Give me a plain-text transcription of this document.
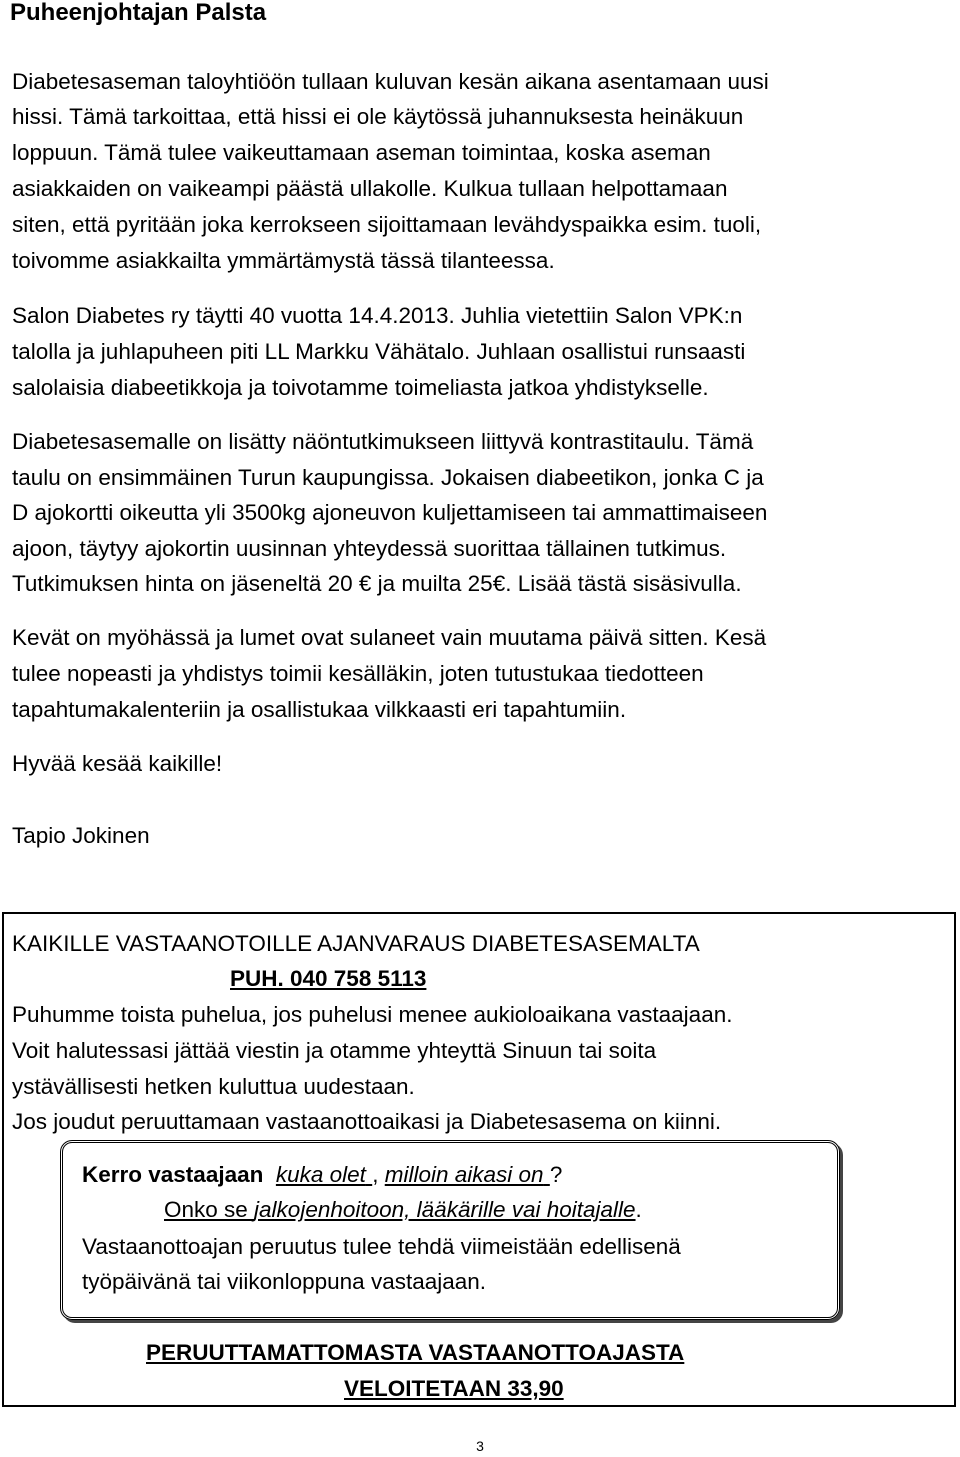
Puheenjohtajan Palsta
Diabetesaseman taloyhtiöön tullaan kuluvan kesän aikana asentamaan uusi
hissi. Tämä tarkoittaa, että hissi ei ole käytössä juhannuksesta heinäkuun
loppuun. Tämä tulee vaikeuttamaan aseman toimintaa, koska aseman
asiakkaiden on vaikeampi päästä ullakolle. Kulkua tullaan helpottamaan
siten, että pyritään joka kerrokseen sijoittamaan levähdyspaikka esim. tuoli,
toivomme asiakkailta ymmärtämystä tässä tilanteessa.
Salon Diabetes ry täytti 40 vuotta 14.4.2013. Juhlia vietettiin Salon VPK:n
talolla ja juhlapuheen piti LL Markku Vähätalo. Juhlaan osallistui runsaasti
salolaisia diabeetikkoja ja toivotamme toimeliasta jatkoa yhdistykselle.
Diabetesasemalle on lisätty näöntutkimukseen liittyvä kontrastitaulu. Tämä
taulu on ensimmäinen Turun kaupungissa. Jokaisen diabeetikon, jonka C ja
D ajokortti oikeutta yli 3500kg ajoneuvon kuljettamiseen tai ammattimaiseen
ajoon, täytyy ajokortin uusinnan yhteydessä suorittaa tällainen tutkimus.
Tutkimuksen hinta on jäseneltä 20 € ja muilta 25€. Lisää tästä sisäsivulla.
Kevät on myöhässä ja lumet ovat sulaneet vain muutama päivä sitten. Kesä
tulee nopeasti ja yhdistys toimii kesälläkin, joten tutustukaa tiedotteen
tapahtumakalenteriin ja osallistukaa vilkkaasti eri tapahtumiin.
Hyvää kesää kaikille!
Tapio Jokinen
KAIKILLE VASTAANOTOILLE AJANVARAUS DIABETESASEMALTA
PUH. 040 758 5113
Puhumme toista puhelua, jos puhelusi menee aukioloaikana vastaajaan.
Voit halutessasi jättää viestin ja otamme yhteyttä Sinuun tai soita
ystävällisesti hetken kuluttua uudestaan.
Jos joudut peruuttamaan vastaanottoaikasi ja Diabetesasema on kiinni.
Kerro vastaajaan kuka olet , milloin aikasi on ?
Onko se jalkojenhoitoon, lääkärille vai hoitajalle.
Vastaanottoajan peruutus tulee tehdä viimeistään edellisenä
työpäivänä tai viikonloppuna vastaajaan.
PERUUTTAMATTOMASTA VASTAANOTTOAJASTA
VELOITETAAN 33,90
3
